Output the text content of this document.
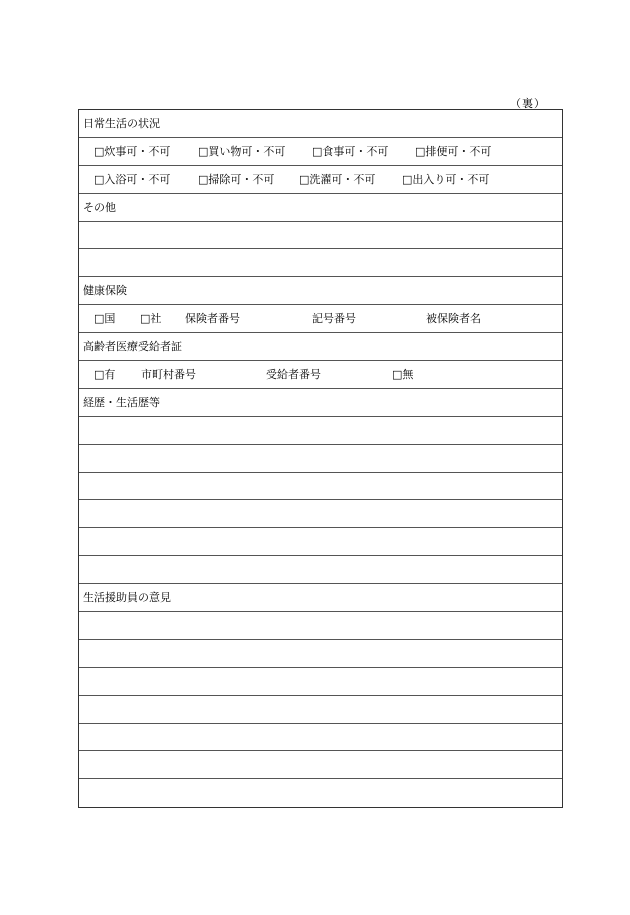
（裏）
日常生活の状況
□炊事可・不可	□買い物可・不可 □食事可・不可 □排便可・不可
□入浴可・不可	□掃除可・不可 □洗濯可・不可 □出入り可・不可
その他
健康保険
□国 □社 保険者番号	記号番号	被保険者名
高齢者医療受給者証
□有 市町村番号	受給者番号	□無
経歴・生活歴等
生活援助員の意見
